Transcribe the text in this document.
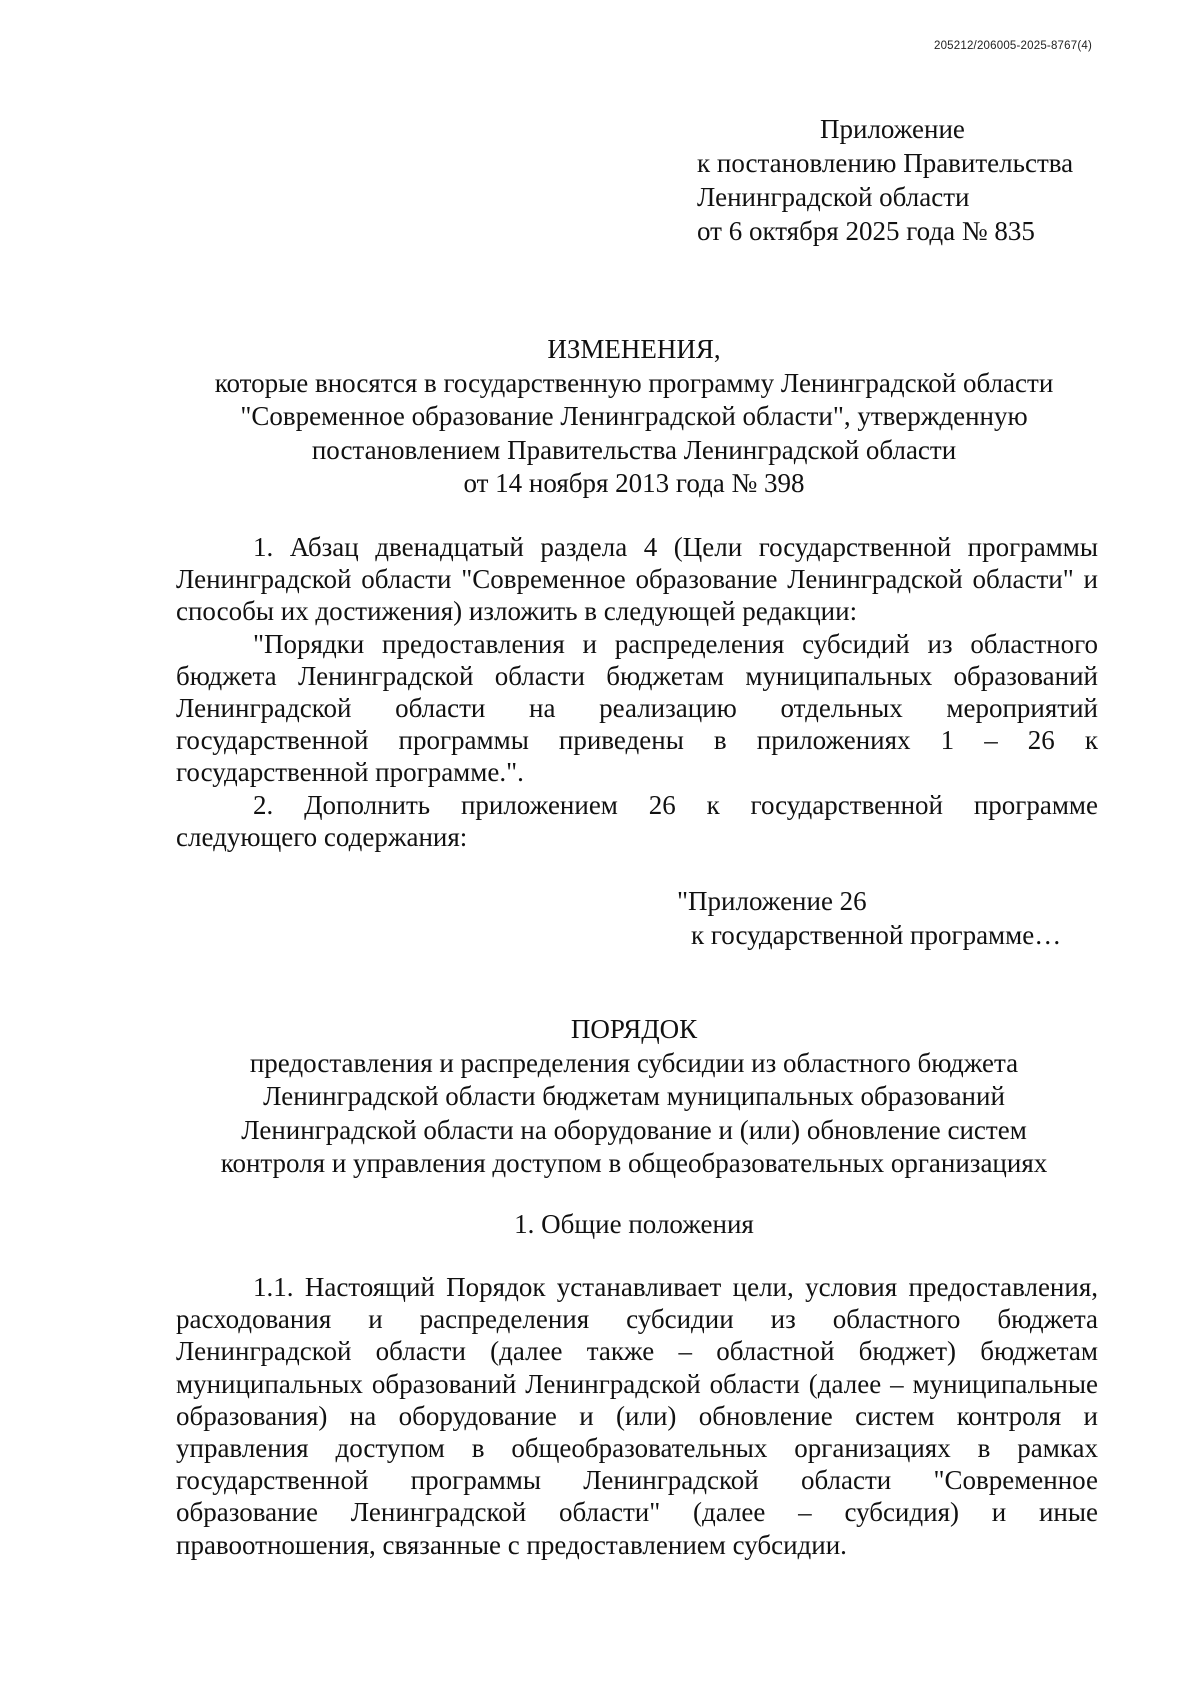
205212/206005-2025-8767(4)
Приложение
к постановлению Правительства
Ленинградской области
от 6 октября 2025 года № 835
ИЗМЕНЕНИЯ,
которые вносятся в государственную программу Ленинградской области
"Современное образование Ленинградской области", утвержденную
постановлением Правительства Ленинградской области
от 14 ноября 2013 года № 398

1. Абзац двенадцатый раздела 4 (Цели государственной программы Ленинградской области "Современное образование Ленинградской области" и способы их достижения) изложить в следующей редакции:

"Порядки предоставления и распределения субсидий из областного бюджета Ленинградской области бюджетам муниципальных образований Ленинградской области на реализацию отдельных мероприятий государственной программы приведены в приложениях 1 – 26 к государственной программе.".

2. Дополнить приложением 26 к государственной программе следующего содержания:

"Приложение 26
к государственной программе…
ПОРЯДОК
предоставления и распределения субсидии из областного бюджета
Ленинградской области бюджетам муниципальных образований
Ленинградской области на оборудование и (или) обновление систем
контроля и управления доступом в общеобразовательных организациях
1. Общие положения

1.1. Настоящий Порядок устанавливает цели, условия предоставления, расходования и распределения субсидии из областного бюджета Ленинградской области (далее также – областной бюджет) бюджетам муниципальных образований Ленинградской области (далее – муниципальные образования) на оборудование и (или) обновление систем контроля и управления доступом в общеобразовательных организациях в рамках государственной программы Ленинградской области "Современное образование Ленинградской области" (далее – субсидия) и иные правоотношения, связанные с предоставлением субсидии.
